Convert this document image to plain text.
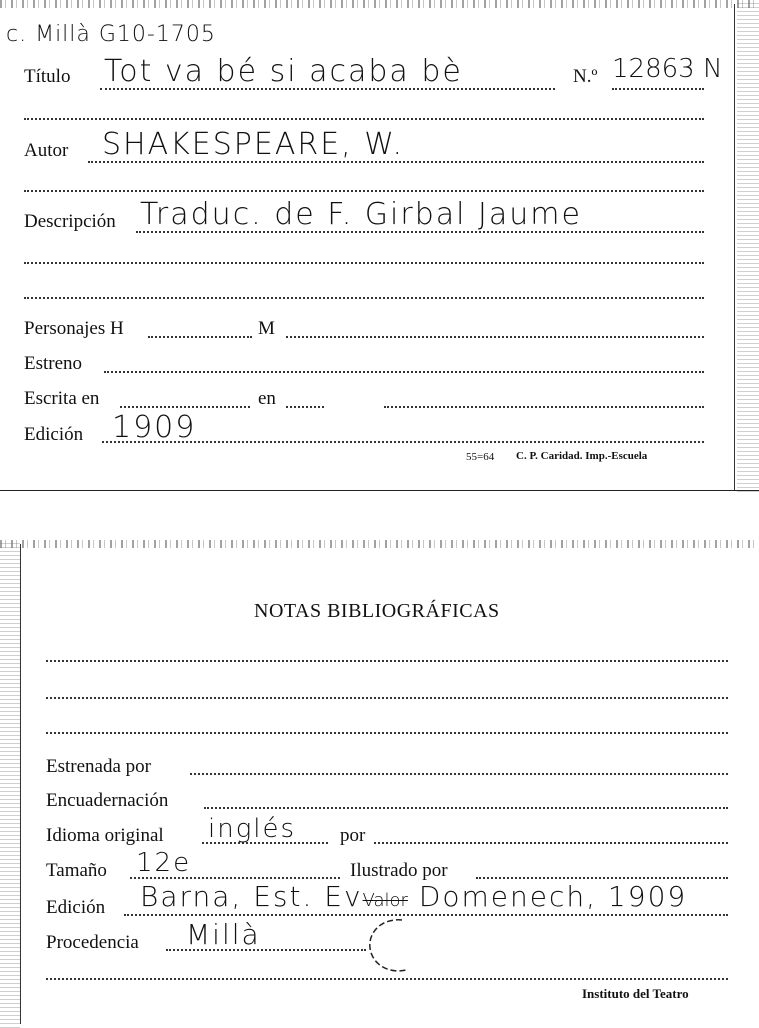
c. Millà G10-1705
Título Tot va bé si acaba bè	N.º 12863 N
Autor SHAKESPEARE, W.
Descripción Traduc. de F. Girbal Jaume
Personajes H	M
Estreno
Escrita en	en
Edición 1909
55=64 C. P. Caridad. Imp.-Escuela
NOTAS BIBLIOGRÁFICAS
Estrenada por
Encuadernación
Idioma original inglés por
Tamaño 12e	Ilustrado por
Edición Barna, Est. EvValor Domenech, 1909
Procedencia Millà
Instituto del Teatro
